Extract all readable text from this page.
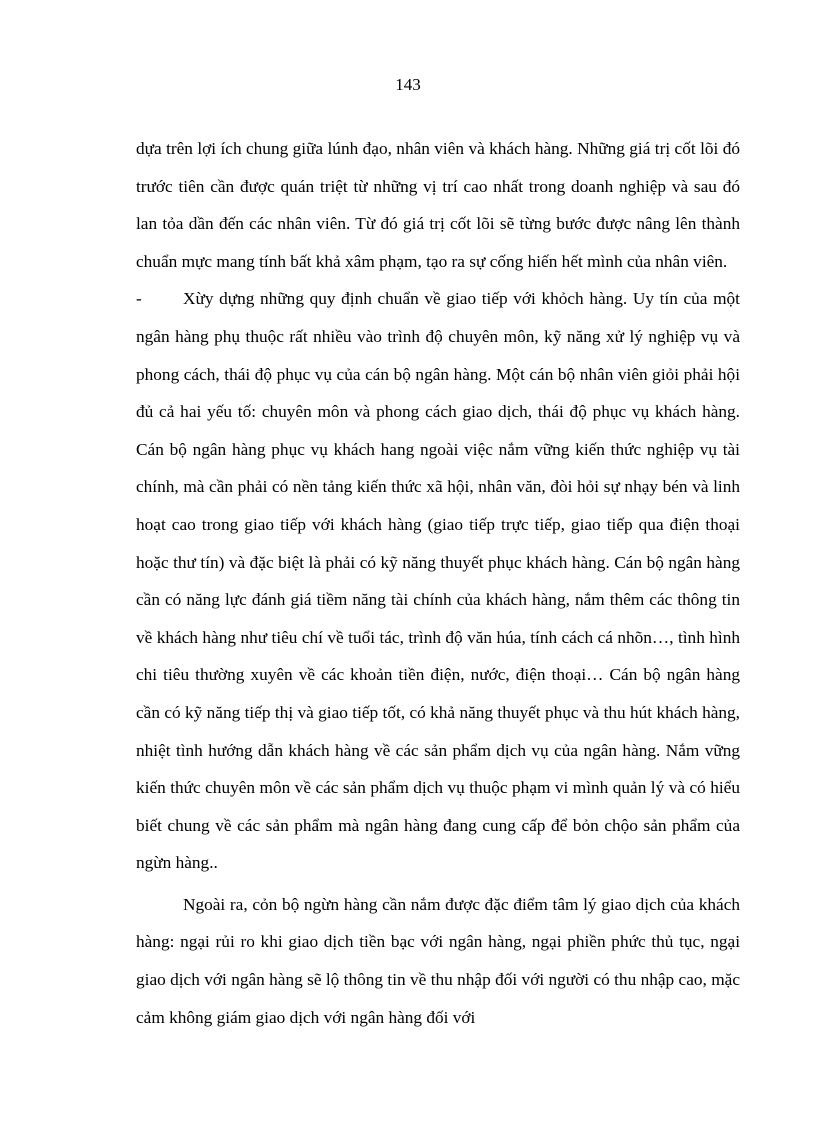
143

dựa trên lợi ích chung giữa lúnh đạo, nhân viên và khách hàng. Những giá trị cốt lõi đó trước tiên cần được quán triệt từ những vị trí cao nhất trong doanh nghiệp và sau đó lan tỏa dần đến các nhân viên. Từ đó giá trị cốt lõi sẽ từng bước được nâng lên thành chuẩn mực mang tính bất khả xâm phạm, tạo ra sự cống hiến hết mình của nhân viên.

-	Xừy dựng những quy định chuẩn về giao tiếp với khỏch hàng. Uy tín của một ngân hàng phụ thuộc rất nhiều vào trình độ chuyên môn, kỹ năng xử lý nghiệp vụ và phong cách, thái độ phục vụ của cán bộ ngân hàng. Một cán bộ nhân viên giỏi phải hội đủ cả hai yếu tố: chuyên môn và phong cách giao dịch, thái độ phục vụ khách hàng. Cán bộ ngân hàng phục vụ khách hang ngoài việc nắm vững kiến thức nghiệp vụ tài chính, mà cần phải có nền tảng kiến thức xã hội, nhân văn, đòi hỏi sự nhạy bén và linh hoạt cao trong giao tiếp với khách hàng (giao tiếp trực tiếp, giao tiếp qua điện thoại hoặc thư tín) và đặc biệt là phải có kỹ năng thuyết phục khách hàng. Cán bộ ngân hàng cần có năng lực đánh giá tiềm năng tài chính của khách hàng, nắm thêm các thông tin về khách hàng như tiêu chí về tuổi tác, trình độ văn húa, tính cách cá nhõn…, tình hình chi tiêu thường xuyên về các khoản tiền điện, nước, điện thoại… Cán bộ ngân hàng cần có kỹ năng tiếp thị và giao tiếp tốt, có khả năng thuyết phục và thu hút khách hàng, nhiệt tình hướng dẫn khách hàng về các sản phẩm dịch vụ của ngân hàng. Nắm vững kiến thức chuyên môn về các sản phẩm dịch vụ thuộc phạm vi mình quản lý và có hiểu biết chung về các sản phẩm mà ngân hàng đang cung cấp để bỏn chộo sản phẩm của ngừn hàng..

Ngoài ra, cỏn bộ ngừn hàng cần nắm được đặc điểm tâm lý giao dịch của khách hàng: ngại rủi ro khi giao dịch tiền bạc với ngân hàng, ngại phiền phức thủ tục, ngại giao dịch với ngân hàng sẽ lộ thông tin về thu nhập đối với người có thu nhập cao, mặc cảm không giám giao dịch với ngân hàng đối với
